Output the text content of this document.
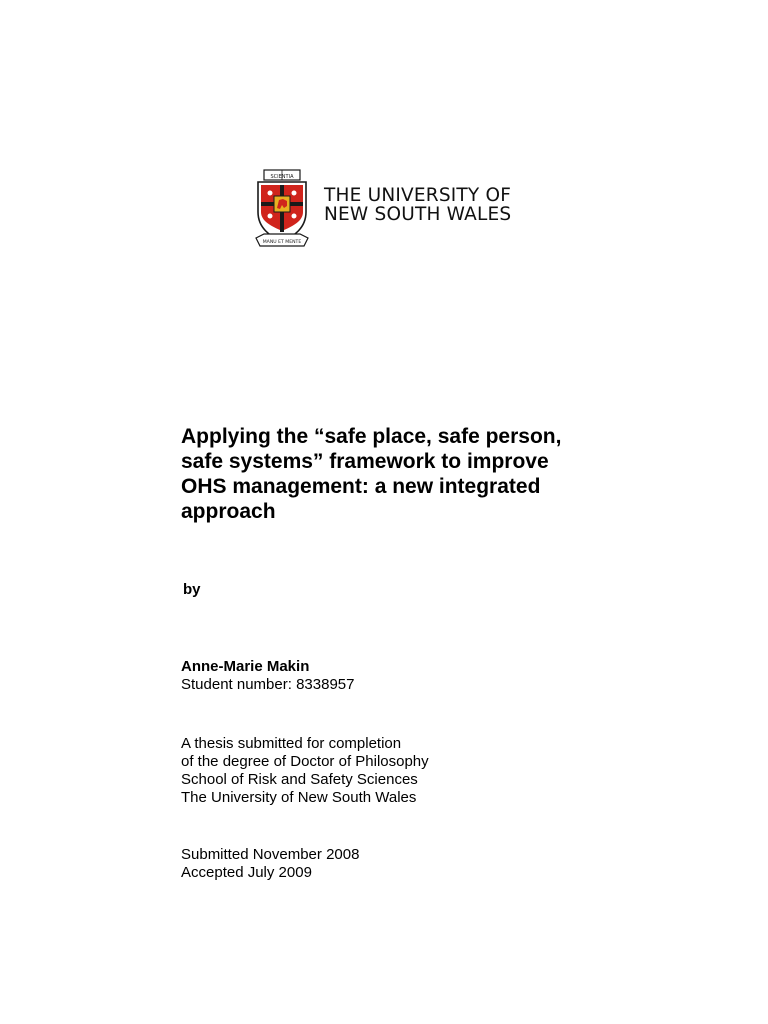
SCIENTIA
MANU ET MENTE
THE UNIVERSITY OF
NEW SOUTH WALES
Applying the “safe place, safe person,
safe systems” framework to improve
OHS management: a new integrated
approach
by
Anne-Marie Makin
Student number: 8338957
A thesis submitted for completion
of the degree of Doctor of Philosophy
School of Risk and Safety Sciences
The University of New South Wales
Submitted November 2008
Accepted July 2009
